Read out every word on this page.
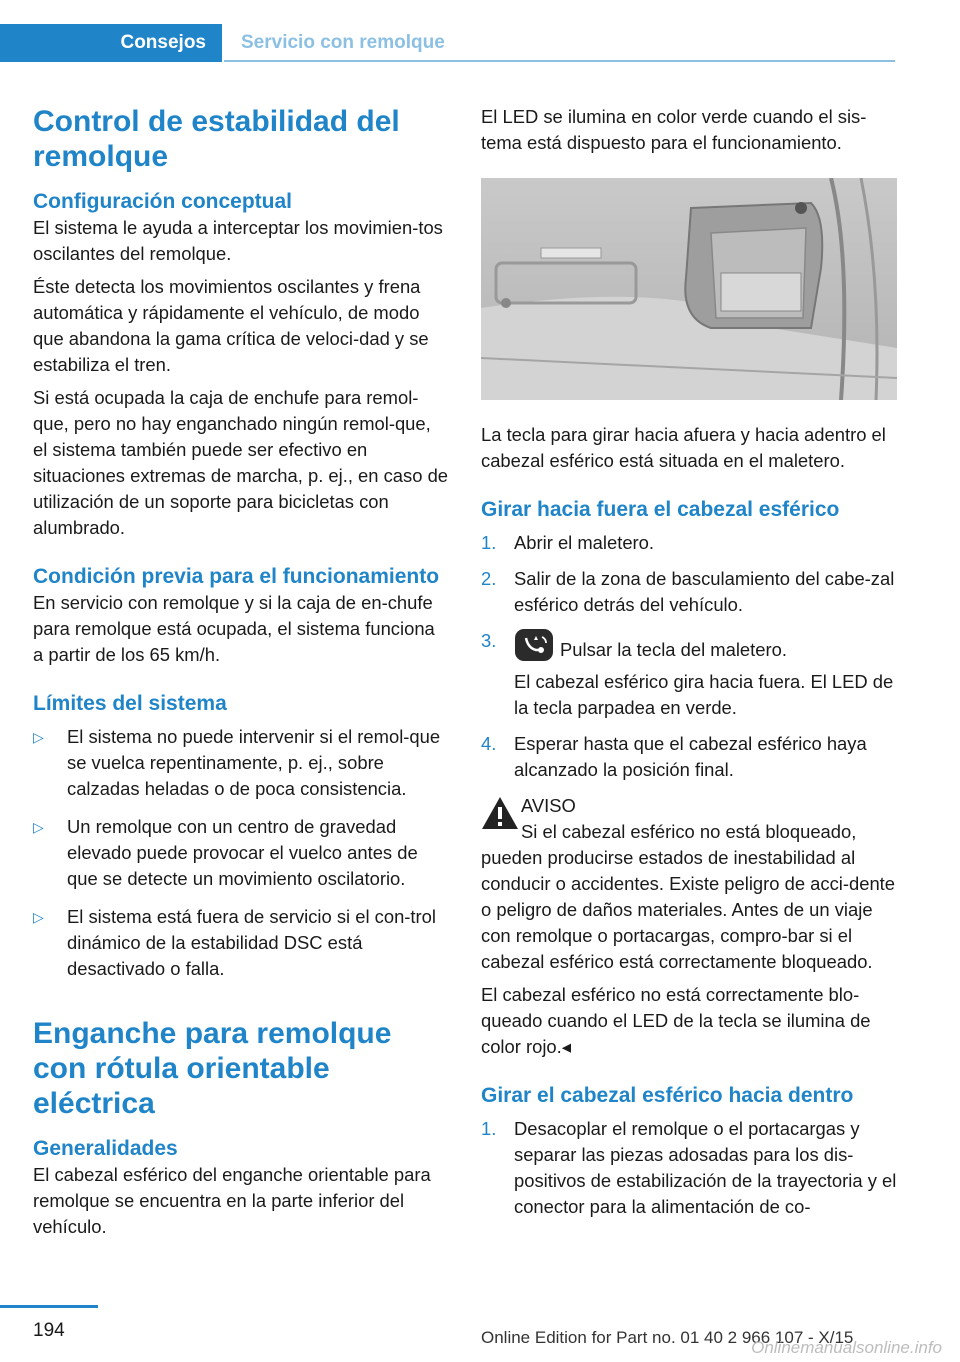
Consejos Servicio con remolque
Control de estabilidad del remolque
Configuración conceptual

El sistema le ayuda a interceptar los movimien-tos oscilantes del remolque.

Éste detecta los movimientos oscilantes y frena automática y rápidamente el vehículo, de modo que abandona la gama crítica de veloci-dad y se estabiliza el tren.

Si está ocupada la caja de enchufe para remol-que, pero no hay enganchado ningún remol-que, el sistema también puede ser efectivo en situaciones extremas de marcha, p. ej., en caso de utilización de un soporte para bicicletas con alumbrado.

Condición previa para el funcionamiento

En servicio con remolque y si la caja de en-chufe para remolque está ocupada, el sistema funciona a partir de los 65 km/h.

Límites del sistema
▷ El sistema no puede intervenir si el remol-que se vuelca repentinamente, p. ej., sobre calzadas heladas o de poca consistencia.
▷ Un remolque con un centro de gravedad elevado puede provocar el vuelco antes de que se detecte un movimiento oscilatorio.
▷ El sistema está fuera de servicio si el con-trol dinámico de la estabilidad DSC está desactivado o falla.
Enganche para remolque con rótula orientable eléctrica
Generalidades

El cabezal esférico del enganche orientable para remolque se encuentra en la parte inferior del vehículo.

El LED se ilumina en color verde cuando el sis-tema está dispuesto para el funcionamiento.

La tecla para girar hacia afuera y hacia adentro el cabezal esférico está situada en el maletero.

Girar hacia fuera el cabezal esférico
1. Abrir el maletero.
2. Salir de la zona de basculamiento del cabe-zal esférico detrás del vehículo.
3.	Pulsar la tecla del maletero.
El cabezal esférico gira hacia fuera. El LED de la tecla parpadea en verde.
4. Esperar hasta que el cabezal esférico haya alcanzado la posición final.

AVISO

Si el cabezal esférico no está bloqueado,

pueden producirse estados de inestabilidad al conducir o accidentes. Existe peligro de acci-dente o peligro de daños materiales. Antes de un viaje con remolque o portacargas, compro-bar si el cabezal esférico está correctamente bloqueado.

El cabezal esférico no está correctamente blo-queado cuando el LED de la tecla se ilumina de color rojo.◂

Girar el cabezal esférico hacia dentro
1. Desacoplar el remolque o el portacargas y separar las piezas adosadas para los dis-positivos de estabilización de la trayectoria y el conector para la alimentación de co-
194	Online Edition for Part no. 01 40 2 966 107 - X/15
Onlinemanualsonline.info
